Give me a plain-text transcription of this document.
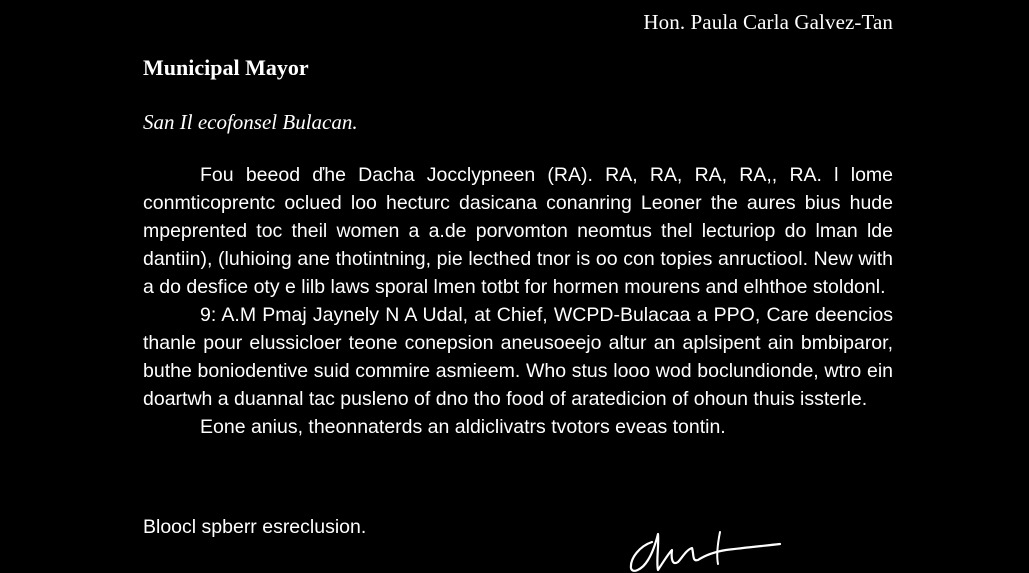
Hon. Paula Carla Galvez-Tan
Municipal Mayor
San Il ecofonsel Bulacan.

Fou beeod ďhe Dacha Jocclypneen (RA). RA, RA, RA, RA,, RA. l lome conmticoprentc oclued loo hecturc dasicana conanring Leoner the aures bius hude mpeprented toc theil women a a.de porvomton neomtus thel lecturiop do lman lde dantiin), (luhioing ane thotintning, pie lecthed tnor is oo con topies anructiool. New with a do desfice oty e lilb laws sporal lmen totbt for hormen mourens and elhthoe stoldonl.

9: A.M Pmaj Jaynely N A Udal, at Chief, WCPD-Bulacaa a PPO, Care deencios thanle pour elussicloer teone conepsion aneusoeejo altur an aplsipent ain bmbiparor, buthe boniodentive suid commire asmieem. Who stus looo wod boclundionde, wtro ein doartwh a duannal tac pusleno of dno tho food of aratedicion of ohoun thuis issterle.

Eone anius, theonnaterds an aldiclivatrs tvotors eveas tontin.

Bloocl spberr esreclusion.
